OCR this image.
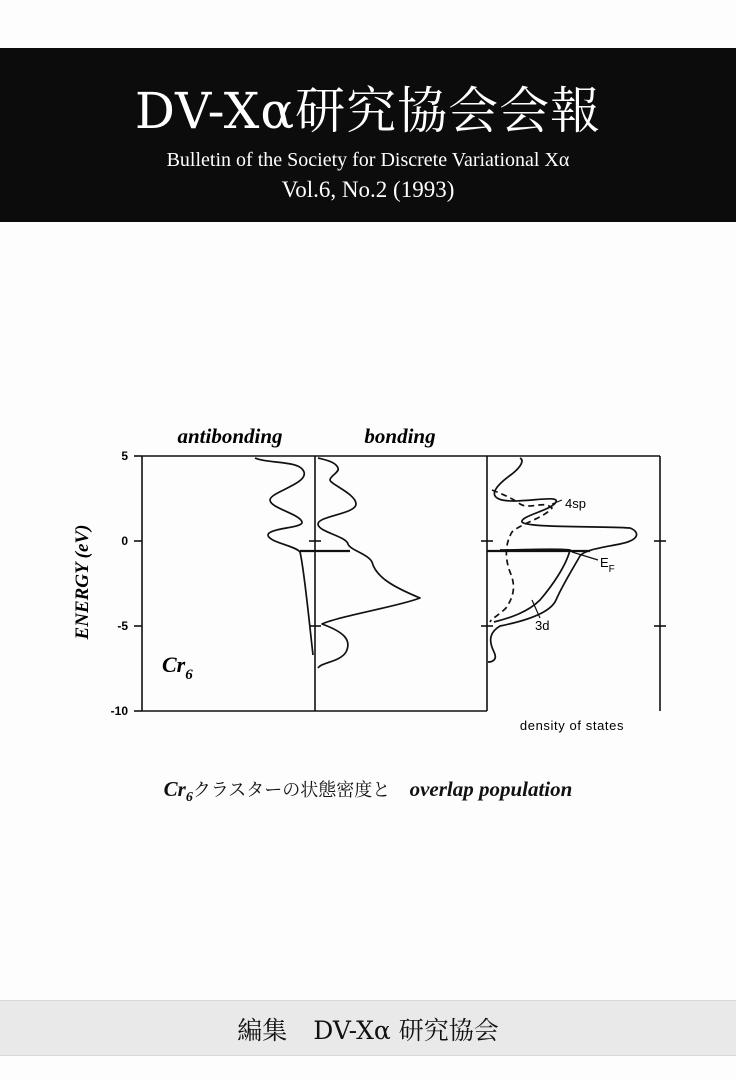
DV-Xα研究協会会報
Bulletin of the Society for Discrete Variational Xα
Vol.6, No.2 (1993)
antibonding	bonding
ENERGY (eV)
5
0
-5
-10
$Cr_6$
4sp
$E_F$
3d
density of states
$Cr_6$クラスターの状態密度と overlap population
編集 DV-Xα 研究協会
